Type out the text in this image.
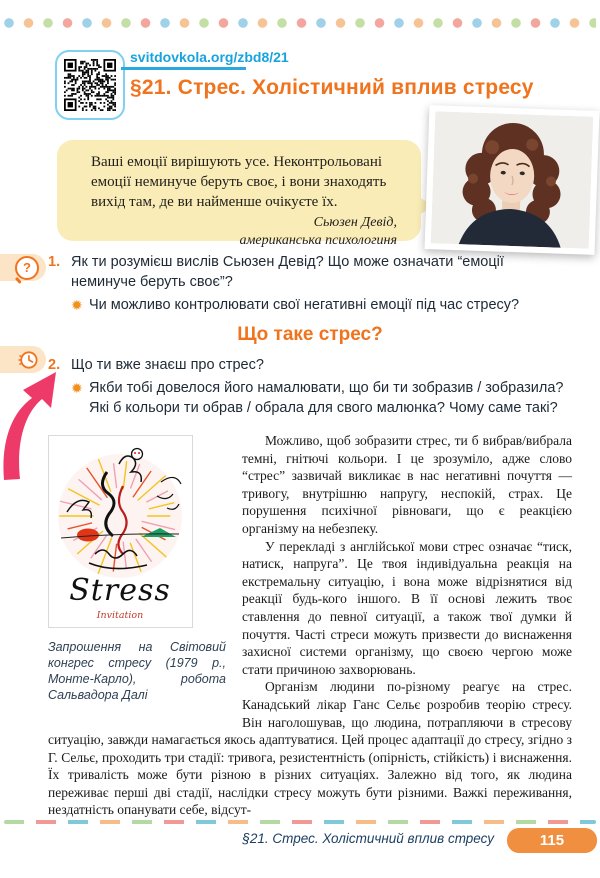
svitdovkola.org/zbd8/21
§21. Стрес. Холістичний вплив стресу

Ваші емоції вирішують усе. Неконтрольовані емоції неминуче беруть своє, і вони знаходять вихід там, де ви найменше очікуєте їх.

Сьюзен Девід,
американська психологиня
?	1. Як ти розумієш вислів Сьюзен Девід? Що може означати “емоції неминуче беруть своє”?
✹ Чи можливо контролювати свої негативні емоції під час стресу?
Що таке стрес?
2. Що ти вже знаєш про стрес?
✹ Якби тобі довелося його намалювати, що би ти зобразив / зобразила? Які б кольори ти обрав / обрала для свого малюнка? Чому саме такі?
Stress
Invitation
Запрошення на Світовий конгрес стресу (1979 р., Монте-Карло), робота Сальвадора Далі

Можливо, щоб зобразити стрес, ти б вибрав/вибрала темні, гнітючі кольори. І це зрозуміло, адже слово “стрес” зазвичай викликає в нас негативні почуття — тривогу, внутрішню напругу, неспокій, страх. Це порушення психічної рівноваги, що є реакцією організму на небезпеку.

У перекладі з англійської мови стрес означає “тиск, натиск, напруга”. Це твоя індивідуальна реакція на екстремальну ситуацію, і вона може відрізнятися від реакції будь-кого іншого. В її основі лежить твоє ставлення до певної ситуації, а також твої думки й почуття. Часті стреси можуть призвести до виснаження захисної системи організму, що своєю чергою може стати причиною захворювань.

Організм людини по-різному реагує на стрес. Канадський лікар Ганс Сельє розробив теорію стресу. Він наголошував, що людина, потрапляючи в стресову ситуацію, завжди намагається якось адаптуватися. Цей процес адаптації до стресу, згідно з Г. Сельє, проходить три стадії: тривога, резистентність (опірність, стійкість) і виснаження. Їх тривалість може бути різною в різних ситуаціях. Залежно від того, як людина переживає перші дві стадії, наслідки стресу можуть бути різними. Важкі переживання, нездатність опанувати себе, відсут-

§21. Стрес. Холістичний вплив стресу	115
